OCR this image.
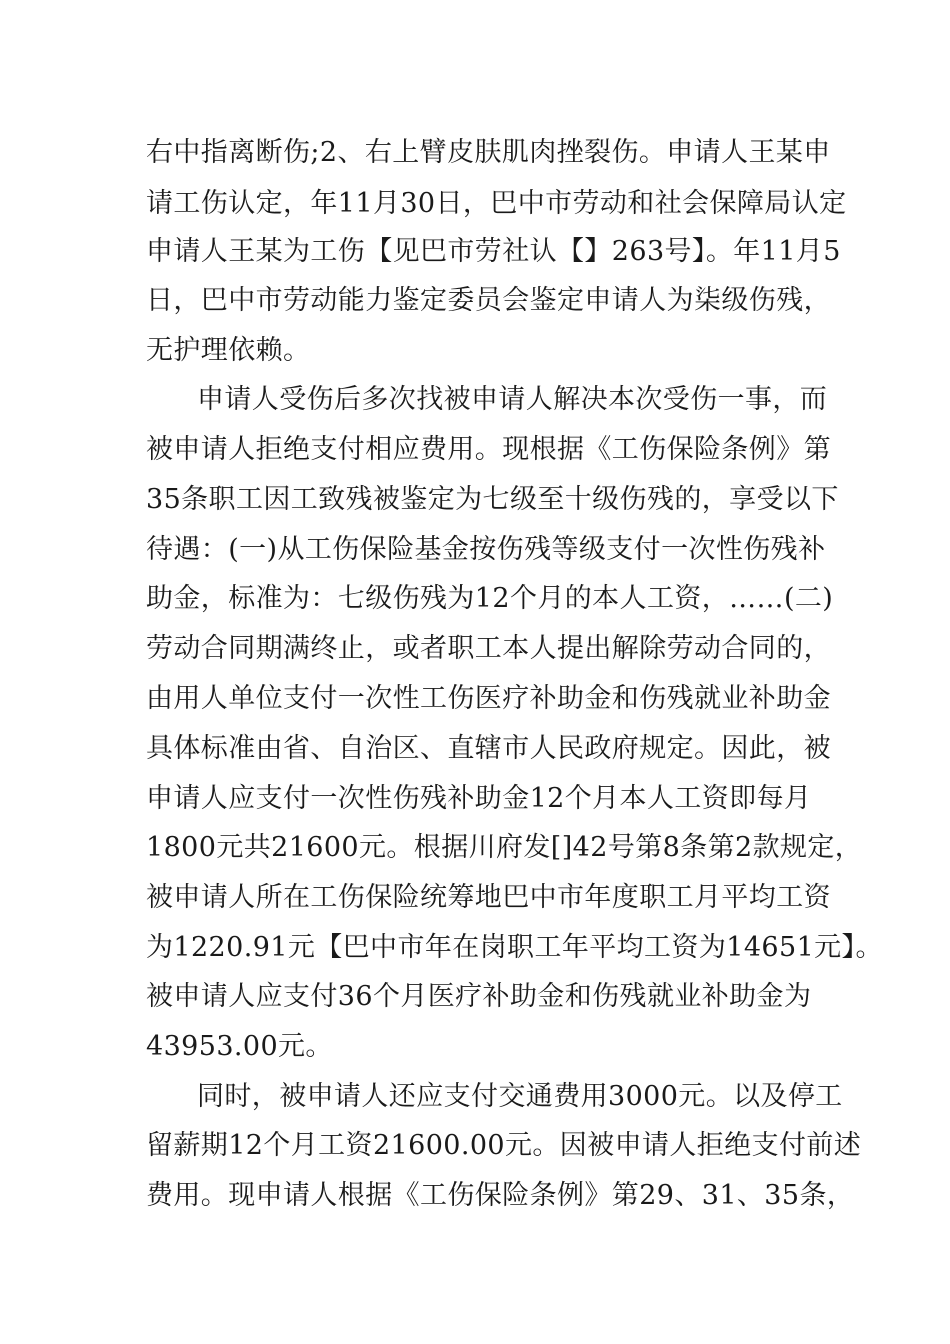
右中指离断伤;2、右上臂皮肤肌肉挫裂伤。申请人王某申
请工伤认定，年11月30日，巴中市劳动和社会保障局认定
申请人王某为工伤【见巴市劳社认【】263号】。年11月5
日，巴中市劳动能力鉴定委员会鉴定申请人为柒级伤残，
无护理依赖。
申请人受伤后多次找被申请人解决本次受伤一事，而
被申请人拒绝支付相应费用。现根据《工伤保险条例》第
35条职工因工致残被鉴定为七级至十级伤残的，享受以下
待遇：(一)从工伤保险基金按伤残等级支付一次性伤残补
助金，标准为：七级伤残为12个月的本人工资，……(二)
劳动合同期满终止，或者职工本人提出解除劳动合同的，
由用人单位支付一次性工伤医疗补助金和伤残就业补助金
具体标准由省、自治区、直辖市人民政府规定。因此，被
申请人应支付一次性伤残补助金12个月本人工资即每月
1800元共21600元。根据川府发[]42号第8条第2款规定，
被申请人所在工伤保险统筹地巴中市年度职工月平均工资
为1220.91元【巴中市年在岗职工年平均工资为14651元】。
被申请人应支付36个月医疗补助金和伤残就业补助金为
43953.00元。
同时，被申请人还应支付交通费用3000元。以及停工
留薪期12个月工资21600.00元。因被申请人拒绝支付前述
费用。现申请人根据《工伤保险条例》第29、31、35条，
